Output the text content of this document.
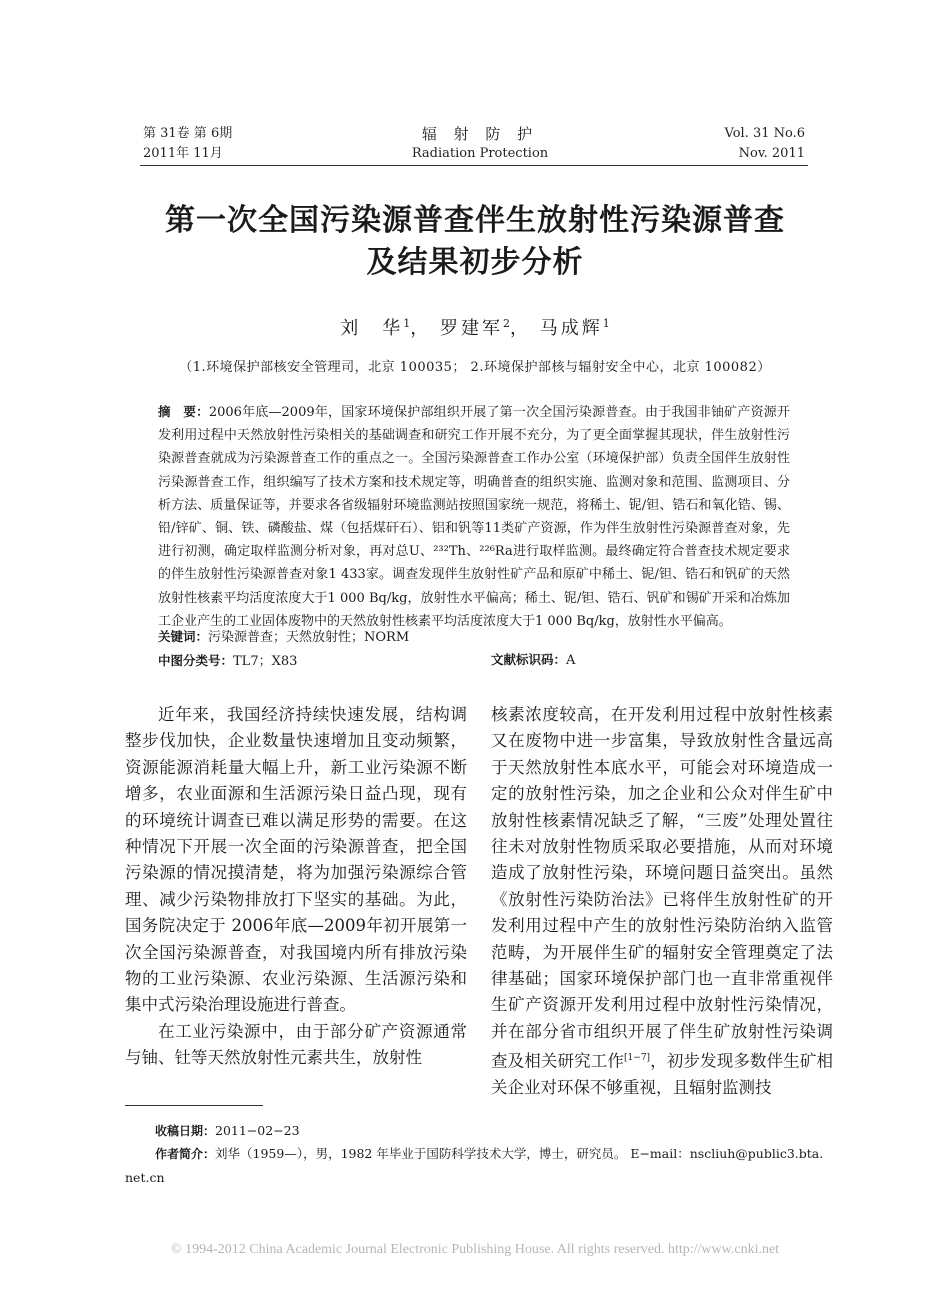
第 31卷 第 6期
2011年 11月
辐 射 防 护
Radiation Protection
Vol. 31 No.6
Nov. 2011
第一次全国污染源普查伴生放射性污染源普查
及结果初步分析
刘　华$^1$， 罗建军$^2$， 马成辉$^1$
（1.环境保护部核安全管理司，北京 100035； 2.环境保护部核与辐射安全中心，北京 100082）
摘　要：2006年底—2009年，国家环境保护部组织开展了第一次全国污染源普查。由于我国非铀矿产资源开发利用过程中天然放射性污染相关的基础调查和研究工作开展不充分，为了更全面掌握其现状，伴生放射性污染源普查就成为污染源普查工作的重点之一。全国污染源普查工作办公室（环境保护部）负责全国伴生放射性污染源普查工作，组织编写了技术方案和技术规定等，明确普查的组织实施、监测对象和范围、监测项目、分析方法、质量保证等，并要求各省级辐射环境监测站按照国家统一规范，将稀土、铌/钽、锆石和氧化锆、锡、铅/锌矿、铜、铁、磷酸盐、煤（包括煤矸石）、铝和钒等11类矿产资源，作为伴生放射性污染源普查对象，先进行初测，确定取样监测分析对象，再对总U、²³²Th、²²⁶Ra进行取样监测。最终确定符合普查技术规定要求的伴生放射性污染源普查对象1 433家。调查发现伴生放射性矿产品和原矿中稀土、铌/钽、锆石和钒矿的天然放射性核素平均活度浓度大于1 000 Bq/kg，放射性水平偏高；稀土、铌/钽、锆石、钒矿和锡矿开采和冶炼加工企业产生的工业固体废物中的天然放射性核素平均活度浓度大于1 000 Bq/kg，放射性水平偏高。
关键词：污染源普查；天然放射性；NORM
中图分类号：TL7；X83	文献标识码：A

近年来，我国经济持续快速发展，结构调整步伐加快，企业数量快速增加且变动频繁，资源能源消耗量大幅上升，新工业污染源不断增多，农业面源和生活源污染日益凸现，现有的环境统计调查已难以满足形势的需要。在这种情况下开展一次全面的污染源普查，把全国污染源的情况摸清楚，将为加强污染源综合管理、减少污染物排放打下坚实的基础。为此，国务院决定于 2006年底—2009年初开展第一次全国污染源普查，对我国境内所有排放污染物的工业污染源、农业污染源、生活源污染和集中式污染治理设施进行普查。

在工业污染源中，由于部分矿产资源通常与铀、钍等天然放射性元素共生，放射性

核素浓度较高，在开发利用过程中放射性核素又在废物中进一步富集，导致放射性含量远高于天然放射性本底水平，可能会对环境造成一定的放射性污染，加之企业和公众对伴生矿中放射性核素情况缺乏了解，“三废”处理处置往往未对放射性物质采取必要措施，从而对环境造成了放射性污染，环境问题日益突出。虽然《放射性污染防治法》已将伴生放射性矿的开发利用过程中产生的放射性污染防治纳入监管范畴，为开展伴生矿的辐射安全管理奠定了法律基础；国家环境保护部门也一直非常重视伴生矿产资源开发利用过程中放射性污染情况，并在部分省市组织开展了伴生矿放射性污染调查及相关研究工作[1−7]，初步发现多数伴生矿相关企业对环保不够重视，且辐射监测技

收稿日期：2011−02−23
作者简介：刘华（1959—），男，1982 年毕业于国防科学技术大学，博士，研究员。 E−mail：nscliuh@public3.bta.
net.cn
© 1994-2012 China Academic Journal Electronic Publishing House. All rights reserved. http://www.cnki.net
